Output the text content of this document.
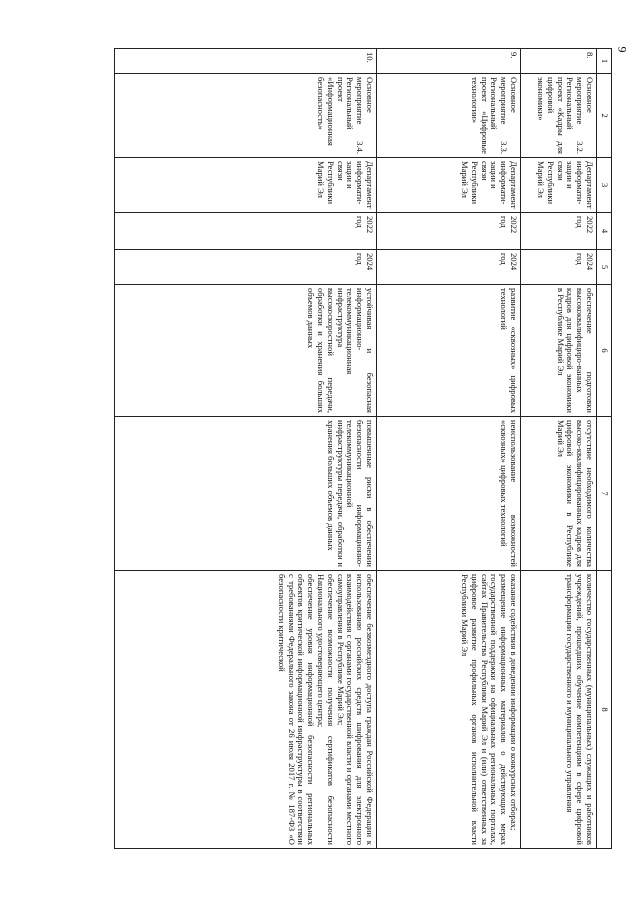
9
1	2	3	4	5	6	7	8
8.	Основное мероприятие 3.2. Региональный проект «Кадры для цифровой экономики»	Департамент информати-зации и связи Республики Марий Эл	2022 год	2024 год	обеспечение подготовки высококвалифициро-ванных кадров для цифровой экономики в Республике Марий Эл	отсутствие необходимого количества высоко-квалифицированных кадров для цифровой экономики в Республике Марий Эл	количество государственных (муниципальных) служащих и работников учреждений, прошедших обучение компетенциям в сфере цифровой трансформации государственного и муниципального управления

9.	Основное мероприятие 3.3. Региональный проект «Цифровые технологии»	Департамент информати-зации и связи Республики Марий Эл	2022 год	2024 год	развитие «сквозных» цифровых технологий	неиспользование возможностей «сквозных» цифровых технологий	оказание содействия в доведении информации о конкурсных отборах;
размещение информационных материалов о действующих мерах государственной поддержки на официальных региональных порталах, сайтах Правительства Республики Марий Эл и (или) ответственных за цифровое развитие профильных органов исполнительной власти Республики Марий Эл

10.	Основное мероприятие 3.4. Региональный проект «Информационная безопасность»	Департамент информати-зации и связи Республики Марий Эл	2022 год	2024 год	устойчивая и безопасная информационно-телекоммуникационная инфраструктура высокоскоростной передачи, обработки и хранения больших объемов данных	повышенные риски в обеспечении безопасности информационно-телекоммуникационной инфраструктуры передачи, обработки и хранения больших объемов данных	обеспечение безвозмездного доступа граждан Российской Федерации к использованию российских средств шифрования для электронного взаимодействия с органами государственной власти и органами местного самоуправления в Республике Марий Эл;
обеспечение возможности получения сертификатов безопасности Национального удостоверяющего центра;
обеспечение уровня информационной безопасности региональных объектов критической информационной инфраструктуры в соответствии с требованиями Федерального закона от 26 июля 2017 г. № 187-ФЗ «О безопасности критической
